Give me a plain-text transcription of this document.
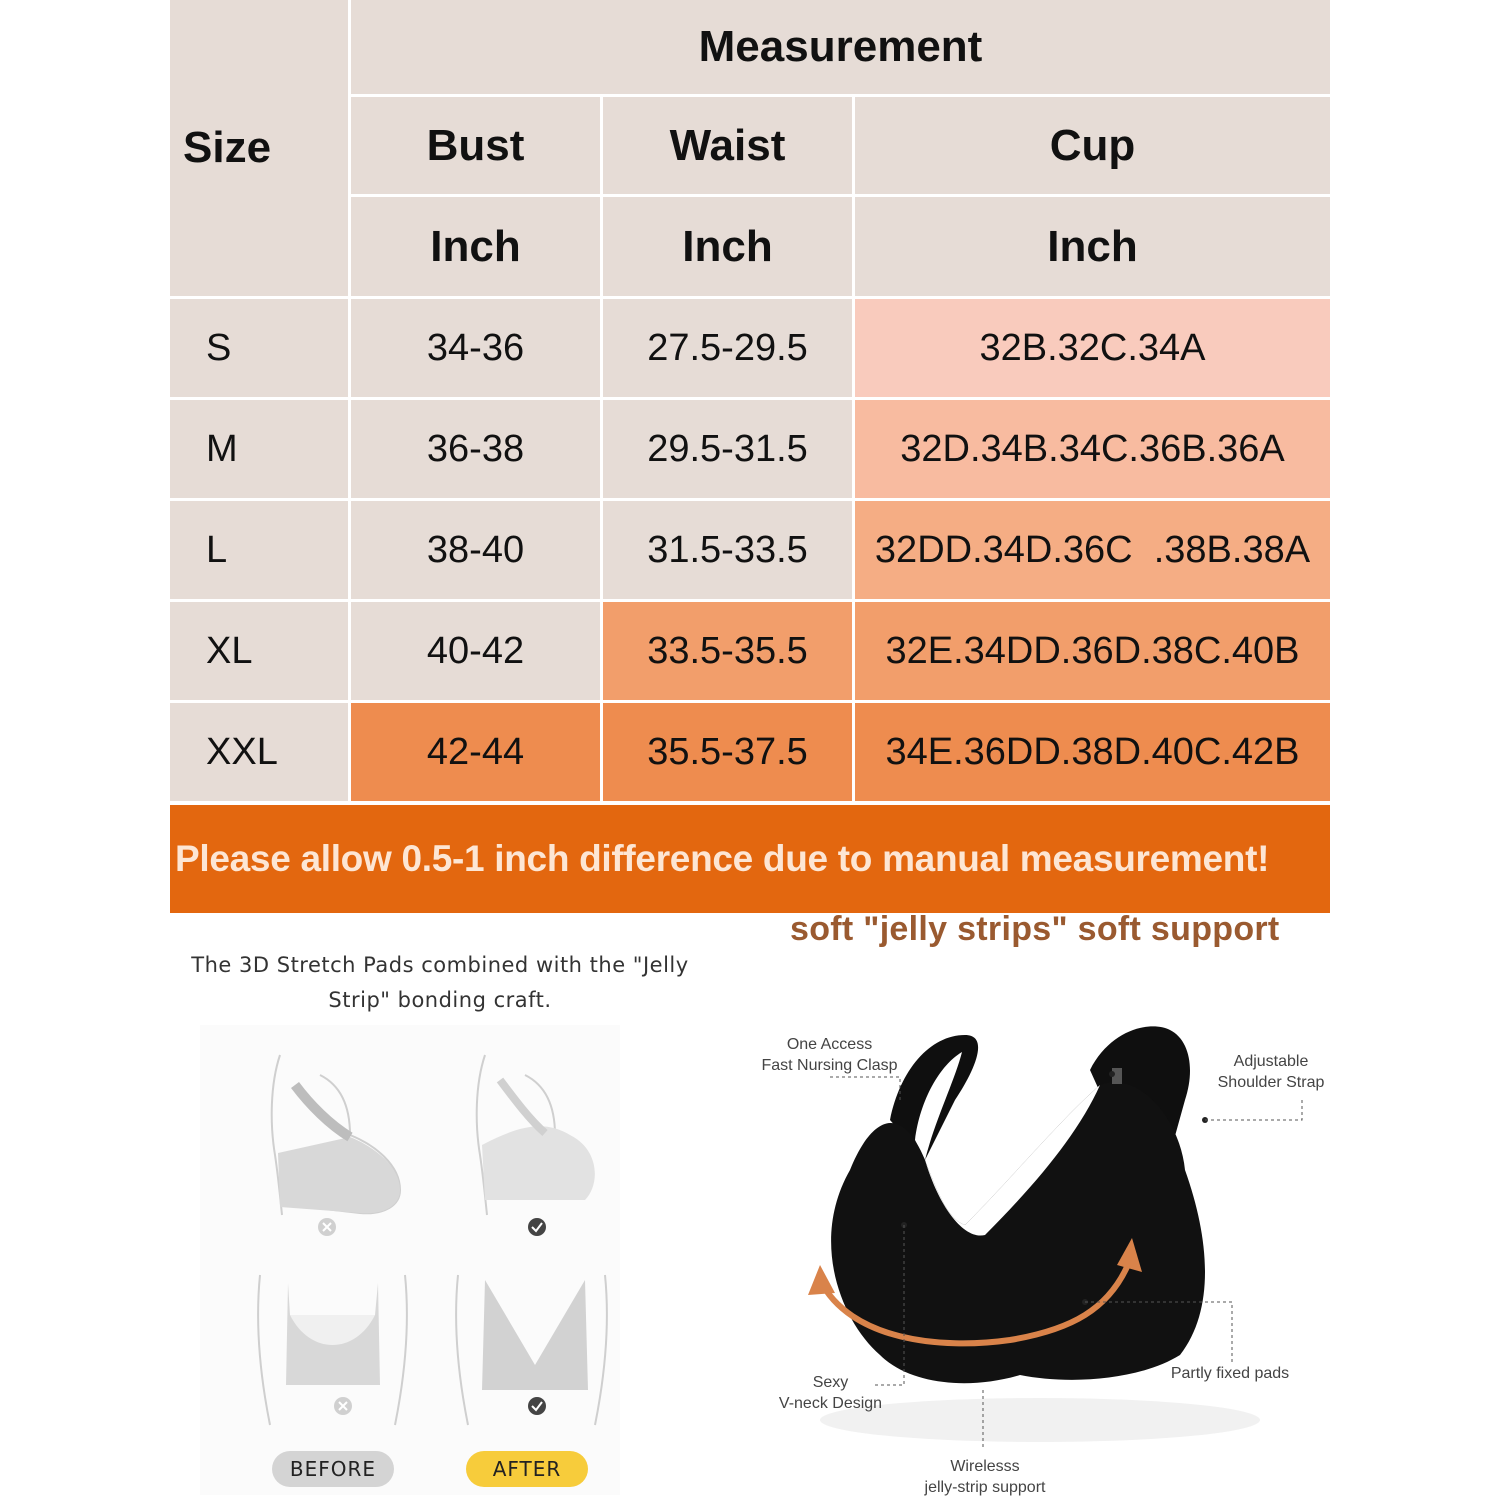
Size
Measurement
Bust	Waist	Cup
Inch	Inch	Inch
S	34-36	27.5-29.5	32B.32C.34A
M	36-38	29.5-31.5	32D.34B.34C.36B.36A
L	38-40	31.5-33.5	32DD.34D.36C  .38B.38A
XL	40-42	33.5-35.5	32E.34DD.36D.38C.40B
XXL	42-44	35.5-37.5	34E.36DD.38D.40C.42B
Please allow 0.5-1 inch difference due to manual measurement!
The 3D Stretch Pads combined with the "Jelly Strip" bonding craft.
BEFORE	AFTER
soft "jelly strips" soft support
One Access
Fast Nursing Clasp	Adjustable
Shoulder Strap
Sexy
V-neck Design
Partly fixed pads
Wirelesss
jelly-strip support
